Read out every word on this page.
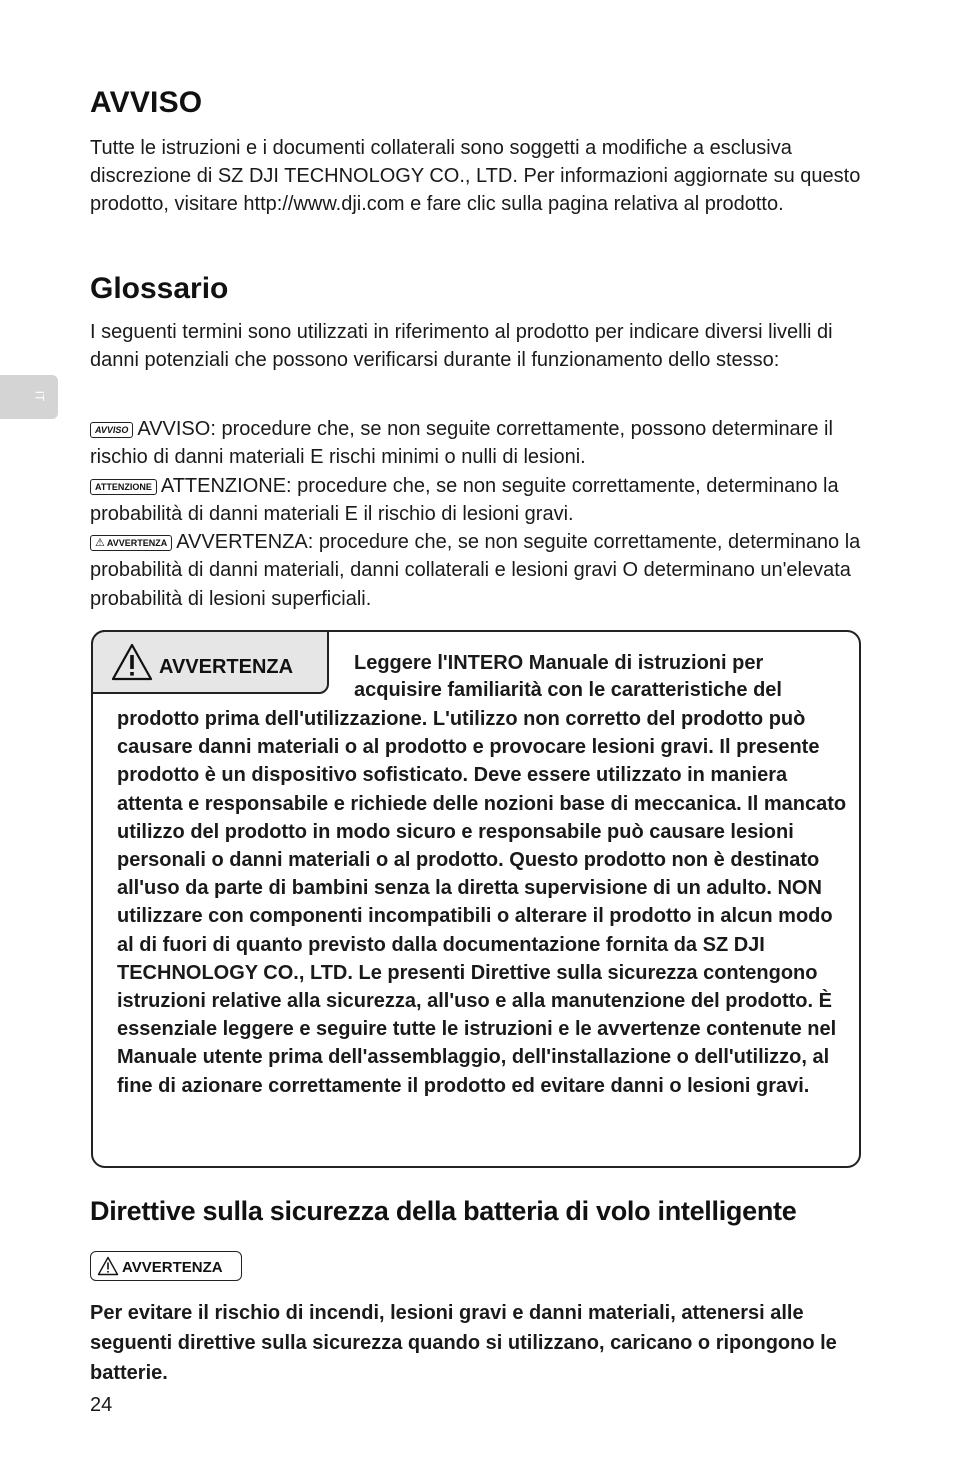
AVVISO

Tutte le istruzioni e i documenti collaterali sono soggetti a modifiche a esclusiva discrezione di SZ DJI TECHNOLOGY CO., LTD. Per informazioni aggiornate su questo prodotto, visitare http://www.dji.com e fare clic sulla pagina relativa al prodotto.

Glossario

I seguenti termini sono utilizzati in riferimento al prodotto per indicare diversi livelli di danni potenziali che possono verificarsi durante il funzionamento dello stesso:

IT

AVVISO AVVISO: procedure che, se non seguite correttamente, possono determinare il rischio di danni materiali E rischi minimi o nulli di lesioni.
ATTENZIONE ATTENZIONE: procedure che, se non seguite correttamente, determinano la probabilità di danni materiali E il rischio di lesioni gravi.
⚠ AVVERTENZA AVVERTENZA: procedure che, se non seguite correttamente, determinano la probabilità di danni materiali, danni collaterali e lesioni gravi O determinano un'elevata probabilità di lesioni superficiali.

AVVERTENZA	Leggere l'INTERO Manuale di istruzioni per acquisire familiarità con le caratteristiche del

prodotto prima dell'utilizzazione. L'utilizzo non corretto del prodotto può causare danni materiali o al prodotto e provocare lesioni gravi. Il presente prodotto è un dispositivo sofisticato. Deve essere utilizzato in maniera attenta e responsabile e richiede delle nozioni base di meccanica. Il mancato utilizzo del prodotto in modo sicuro e responsabile può causare lesioni personali o danni materiali o al prodotto. Questo prodotto non è destinato all'uso da parte di bambini senza la diretta supervisione di un adulto. NON utilizzare con componenti incompatibili o alterare il prodotto in alcun modo al di fuori di quanto previsto dalla documentazione fornita da SZ DJI TECHNOLOGY CO., LTD. Le presenti Direttive sulla sicurezza contengono istruzioni relative alla sicurezza, all'uso e alla manutenzione del prodotto. È essenziale leggere e seguire tutte le istruzioni e le avvertenze contenute nel Manuale utente prima dell'assemblaggio, dell'installazione o dell'utilizzo, al fine di azionare correttamente il prodotto ed evitare danni o lesioni gravi.

Direttive sulla sicurezza della batteria di volo intelligente
AVVERTENZA

Per evitare il rischio di incendi, lesioni gravi e danni materiali, attenersi alle seguenti direttive sulla sicurezza quando si utilizzano, caricano o ripongono le batterie.

24
